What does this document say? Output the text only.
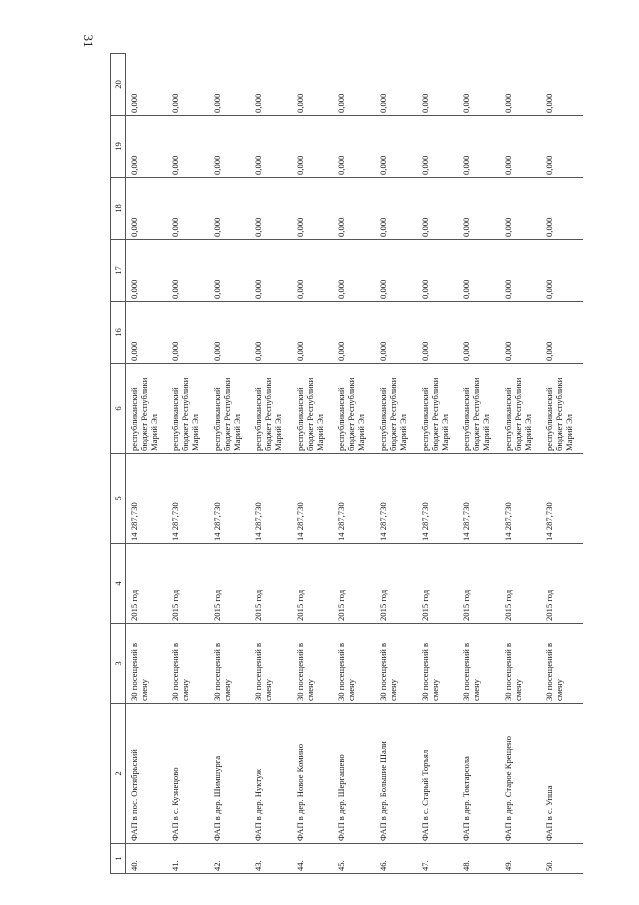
31
1	2	3	4	5	6	16	17	18	19	20
40.	ФАП в пос. Октябрьский	30 посещений в смену	2015 год	14 287,730	республиканский бюджет Республики Марий Эл	0,000	0,000	0,000	0,000	0,000
41.	ФАП в с. Кузнецово	30 посещений в смену	2015 год	14 287,730	республиканский бюджет Республики Марий Эл	0,000	0,000	0,000	0,000	0,000
42.	ФАП в дер. Шимшурга	30 посещений в смену	2015 год	14 287,730	республиканский бюджет Республики Марий Эл	0,000	0,000	0,000	0,000	0,000
43.	ФАП в дер. Нуктуж	30 посещений в смену	2015 год	14 287,730	республиканский бюджет Республики Марий Эл	0,000	0,000	0,000	0,000	0,000
44.	ФАП в дер. Новое Комино	30 посещений в смену	2015 год	14 287,730	республиканский бюджет Республики Марий Эл	0,000	0,000	0,000	0,000	0,000
45.	ФАП в дер. Шергашево	30 посещений в смену	2015 год	14 287,730	республиканский бюджет Республики Марий Эл	0,000	0,000	0,000	0,000	0,000
46.	ФАП в дер. Большие Шали	30 посещений в смену	2015 год	14 287,730	республиканский бюджет Республики Марий Эл	0,000	0,000	0,000	0,000	0,000
47.	ФАП в с. Старый Торъял	30 посещений в смену	2015 год	14 287,730	республиканский бюджет Республики Марий Эл	0,000	0,000	0,000	0,000	0,000
48.	ФАП в дер. Токтарсола	30 посещений в смену	2015 год	14 287,730	республиканский бюджет Республики Марий Эл	0,000	0,000	0,000	0,000	0,000
49.	ФАП в дер. Старое Крещено	30 посещений в смену	2015 год	14 287,730	республиканский бюджет Республики Марий Эл	0,000	0,000	0,000	0,000	0,000
50.	ФАП в с. Упша	30 посещений в смену	2015 год	14 287,730	республиканский бюджет Республики Марий Эл	0,000	0,000	0,000	0,000	0,000
